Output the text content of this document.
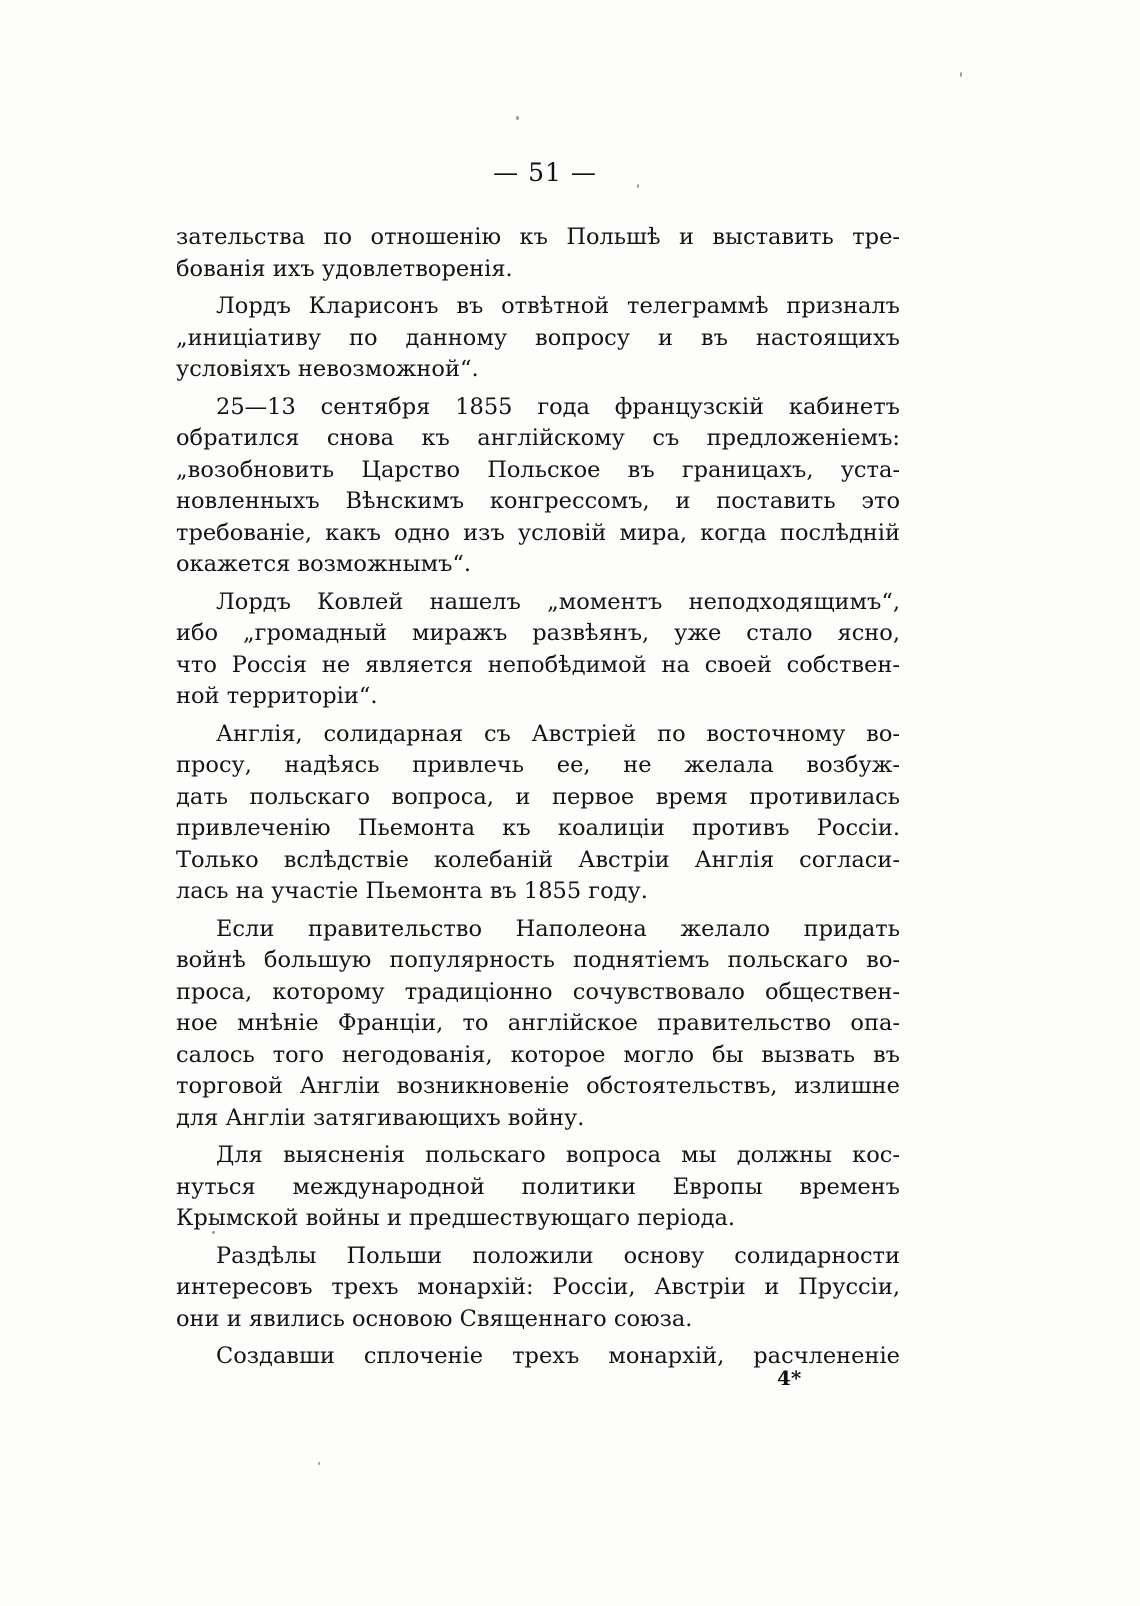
— 51 —
зательства по отношенію къ Польшѣ и выставить тре-
бованія ихъ удовлетворенія.
Лордъ Кларисонъ въ отвѣтной телеграммѣ призналъ
„иниціативу по данному вопросу и въ настоящихъ
условіяхъ невозможной“.
25—13 сентября 1855 года французскій кабинетъ
обратился снова къ англійскому съ предложеніемъ:
„возобновить Царство Польское въ границахъ, уста-
новленныхъ Вѣнскимъ конгрессомъ, и поставить это
требованіе, какъ одно изъ условій мира, когда послѣдній
окажется возможнымъ“.
Лордъ Ковлей нашелъ „моментъ неподходящимъ“,
ибо „громадный миражъ развѣянъ, уже стало ясно,
что Россія не является непобѣдимой на своей собствен-
ной территоріи“.
Англія, солидарная съ Австріей по восточному во-
просу, надѣясь привлечь ее, не желала возбуж-
дать польскаго вопроса, и первое время противилась
привлеченію Пьемонта къ коалиціи противъ Россіи.
Только вслѣдствіе колебаній Австріи Англія согласи-
лась на участіе Пьемонта въ 1855 году.
Если правительство Наполеона желало придать
войнѣ большую популярность поднятіемъ польскаго во-
проса, которому традиціонно сочувствовало обществен-
ное мнѣніе Франціи, то англійское правительство опа-
салось того негодованія, которое могло бы вызвать въ
торговой Англіи возникновеніе обстоятельствъ, излишне
для Англіи затягивающихъ войну.
Для выясненія польскаго вопроса мы должны кос-
нуться международной политики Европы временъ
Крымской войны и предшествующаго періода.
Раздѣлы Польши положили основу солидарности
интересовъ трехъ монархій: Россіи, Австріи и Пруссіи,
они и явились основою Священнаго союза.
Создавши сплоченіе трехъ монархій, расчлененіе
4*
